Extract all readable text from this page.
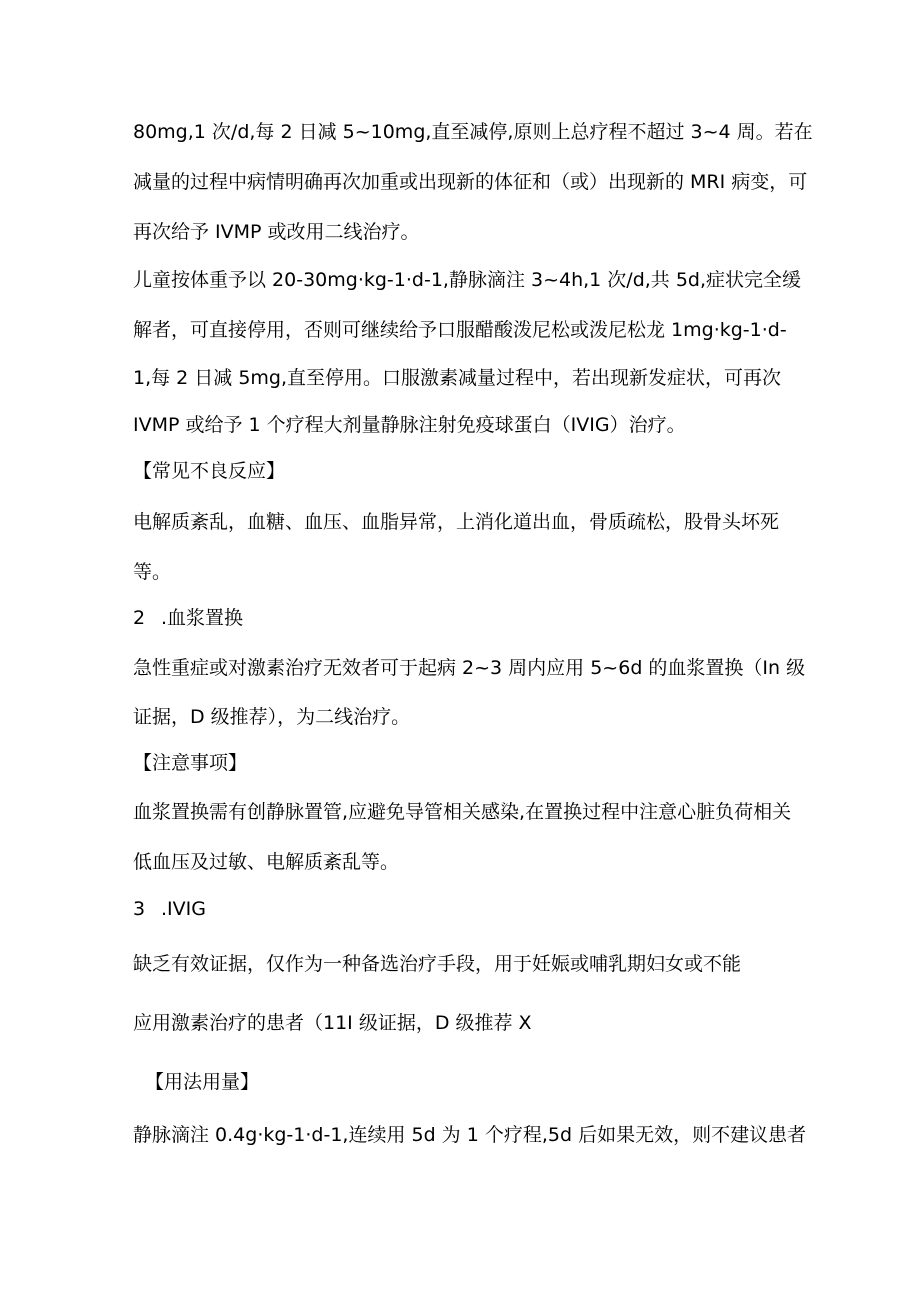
80mg,1 次/d,每 2 日减 5~10mg,直至减停,原则上总疗程不超过 3~4 周。若在
减量的过程中病情明确再次加重或出现新的体征和（或）出现新的 MRI 病变，可
再次给予 IVMP 或改用二线治疗。
儿童按体重予以 20-30mg·kg-1·d-1,静脉滴注 3~4h,1 次/d,共 5d,症状完全缓
解者，可直接停用，否则可继续给予口服醋酸泼尼松或泼尼松龙 1mg·kg-1·d-
1,每 2 日减 5mg,直至停用。口服激素减量过程中，若出现新发症状，可再次
IVMP 或给予 1 个疗程大剂量静脉注射免疫球蛋白（IVIG）治疗。
【常见不良反应】
电解质紊乱，血糖、血压、血脂异常，上消化道出血，骨质疏松，股骨头坏死
等。
2 .血浆置换
急性重症或对激素治疗无效者可于起病 2~3 周内应用 5~6d 的血浆置换（In 级
证据，D 级推荐），为二线治疗。
【注意事项】
血浆置换需有创静脉置管,应避免导管相关感染,在置换过程中注意心脏负荷相关
低血压及过敏、电解质紊乱等。
3 .IVIG
缺乏有效证据，仅作为一种备选治疗手段，用于妊娠或哺乳期妇女或不能
应用激素治疗的患者（11I 级证据，D 级推荐 X
【用法用量】
静脉滴注 0.4g·kg-1·d-1,连续用 5d 为 1 个疗程,5d 后如果无效，则不建议患者
